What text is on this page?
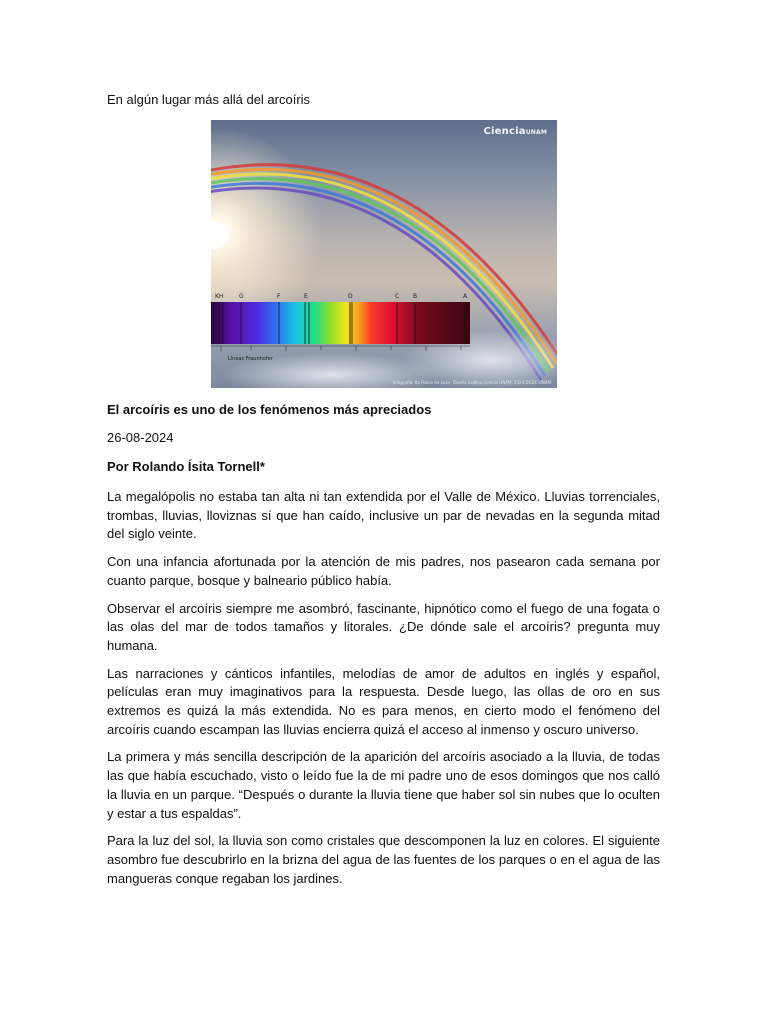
En algún lugar más allá del arcoíris
KH	G	F	E	D	C B	A
CienciaUNAM
Líneas Fraunhofer
Infografía: Ita Ponce de León, Diseño Gráfico Ciencia UNAM, 2024 DGDC-UNAM
El arcoíris es uno de los fenómenos más apreciados
26-08-2024
Por Rolando Ísita Tornell*

La megalópolis no estaba tan alta ni tan extendida por el Valle de México. Lluvias torrenciales, trombas, lluvias, lloviznas sí que han caído, inclusive un par de nevadas en la segunda mitad del siglo veinte.

Con una infancia afortunada por la atención de mis padres, nos pasearon cada semana por cuanto parque, bosque y balneario público había.

Observar el arcoíris siempre me asombró, fascinante, hipnótico como el fuego de una fogata o las olas del mar de todos tamaños y litorales. ¿De dónde sale el arcoíris? pregunta muy humana.

Las narraciones y cánticos infantiles, melodías de amor de adultos en inglés y español, películas eran muy imaginativos para la respuesta. Desde luego, las ollas de oro en sus extremos es quizá la más extendida. No es para menos, en cierto modo el fenómeno del arcoíris cuando escampan las lluvias encierra quizá el acceso al inmenso y oscuro universo.

La primera y más sencilla descripción de la aparición del arcoíris asociado a la lluvia, de todas las que había escuchado, visto o leído fue la de mi padre uno de esos domingos que nos calló la lluvia en un parque. “Después o durante la lluvia tiene que haber sol sin nubes que lo oculten y estar a tus espaldas”.

Para la luz del sol, la lluvia son como cristales que descomponen la luz en colores. El siguiente asombro fue descubrirlo en la brizna del agua de las fuentes de los parques o en el agua de las mangueras conque regaban los jardines.
